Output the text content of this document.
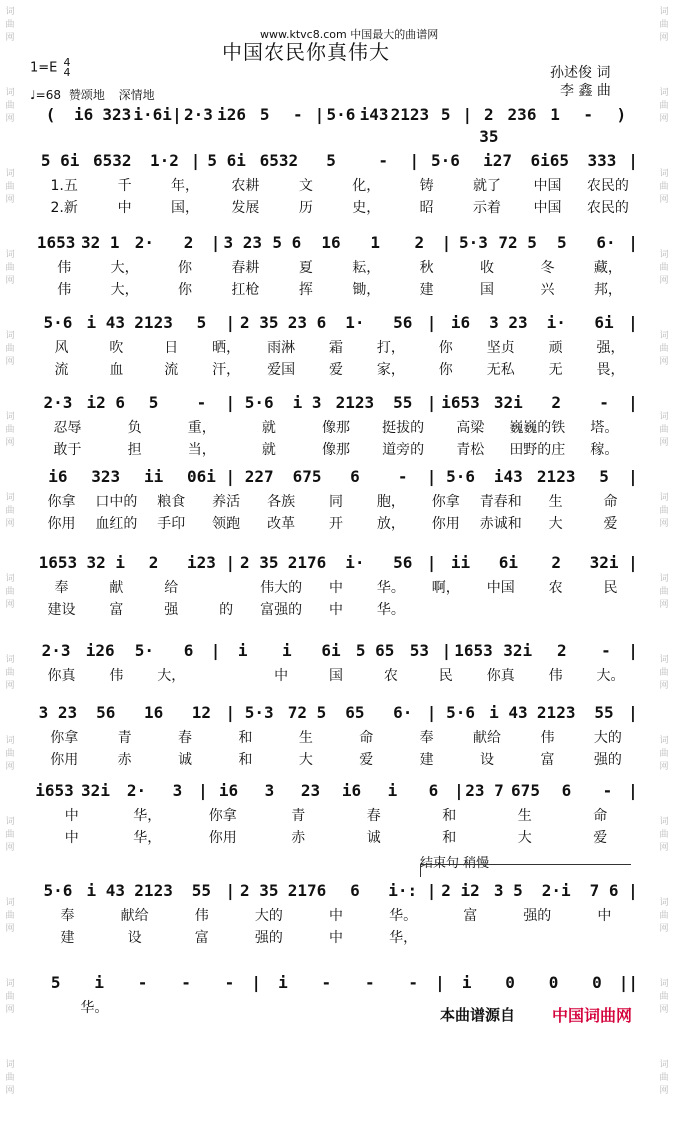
词
曲
网
词
曲
网
词
曲
网
词
曲
网
词
曲
网
词
曲
网
词
曲
网
词
曲
网
词
曲
网
词
曲
网
词
曲
网
词
曲
网
词
曲
网
词
曲
网
词
曲
网
词
曲
网
词
曲
网
词
曲
网
词
曲
网
词
曲
网
词
曲
网
词
曲
网
词
曲
网
词
曲
网
词
曲
网
词
曲
网
词
曲
网
词
曲
网
www.ktvc8.com 中国最大的曲谱网
中国农民你真伟大
孙述俊 词
李 鑫 曲
1=E 4
4
♩=68 赞颂地 深情地
(	i6 323 i·6i | 2·3 i26 5	- | 5·6 i43 2123 5 | 2 35
236 1	-	)
5 6i 6532	1·2 | 5 6i 6532	5	-	| 5·6	i27	6i65	333 |
1.五	千	年，	农耕	文	化，	铸	就了	中国	农民的
2.新	中	国，	发展	历	史，	昭	示着	中国	农民的
1653 32 1 2·	2	| 3 23 5 6	16	1	2	| 5·3 72 5	5	6· |
伟	大，	你	春耕	夏	耘，	秋	收	冬	藏，
伟	大，	你	扛枪	挥	锄，	建	国	兴	邦，
5·6 i 43 2123	5	| 2 35 23 6	1·	56 | i6	3 23	i·	6i |
风	吹	日	晒，	雨淋	霜	打，	你	坚贞	顽	强，
流	血	流	汗，	爱国	爱	家，	你	无私	无	畏，
2·3 i2 6	5	-	| 5·6	i 3 2123	55 | i653 32i	2	-	|
忍辱	负	重，	就	像那	挺拔的	高梁	巍巍的铁	塔。
敢于	担	当，	就	像那	道旁的	青松	田野的庄	稼。
i6	323	ii	06i | 227	675	6	-	| 5·6	i43 2123	5	|
你拿	口中的	粮食	养活	各族	同	胞，	你拿	青春和	生	命
你用	血红的	手印	领跑	改革	开	放，	你用	赤诚和	大	爱
1653 32 i	2	i23 | 2 35 2176	i·	56 | ii	6i	2	32i |
奉	献	给	伟大的	中	华。	啊，	中国	农	民
建设	富	强	的	富强的	中	华。
2·3 i26	5·	6	|	i	i	6i 5 65 53 | 1653 32i	2	-	|
你真	伟	大，	中	国	农	民	你真	伟	大。
3 23	56	16	12 | 5·3 72 5	65	6· | 5·6 i 43 2123	55 |
你拿	青	春	和	生	命	奉	献给	伟	大的
你用	赤	诚	和	大	爱	建	设	富	强的
i653 32i	2·	3 | i6	3	23	i6	i	6 | 23 7 675	6	- |
中	华，	你拿	青	春	和	生	命
中	华，	你用	赤	诚	和	大	爱
5·6 i 43 2123	55 | 2 35 2176	6	i·: | 2 i2 3 5	2·i	7 6 |
奉	献给	伟	大的	中	华。	富	强的	中
建	设	富	强的	中	华，
5	i	-	-	-	|	i	-	-	-	|	i	0	0	0	||
华。
结束句 稍慢
本曲谱源自 中国词曲网
